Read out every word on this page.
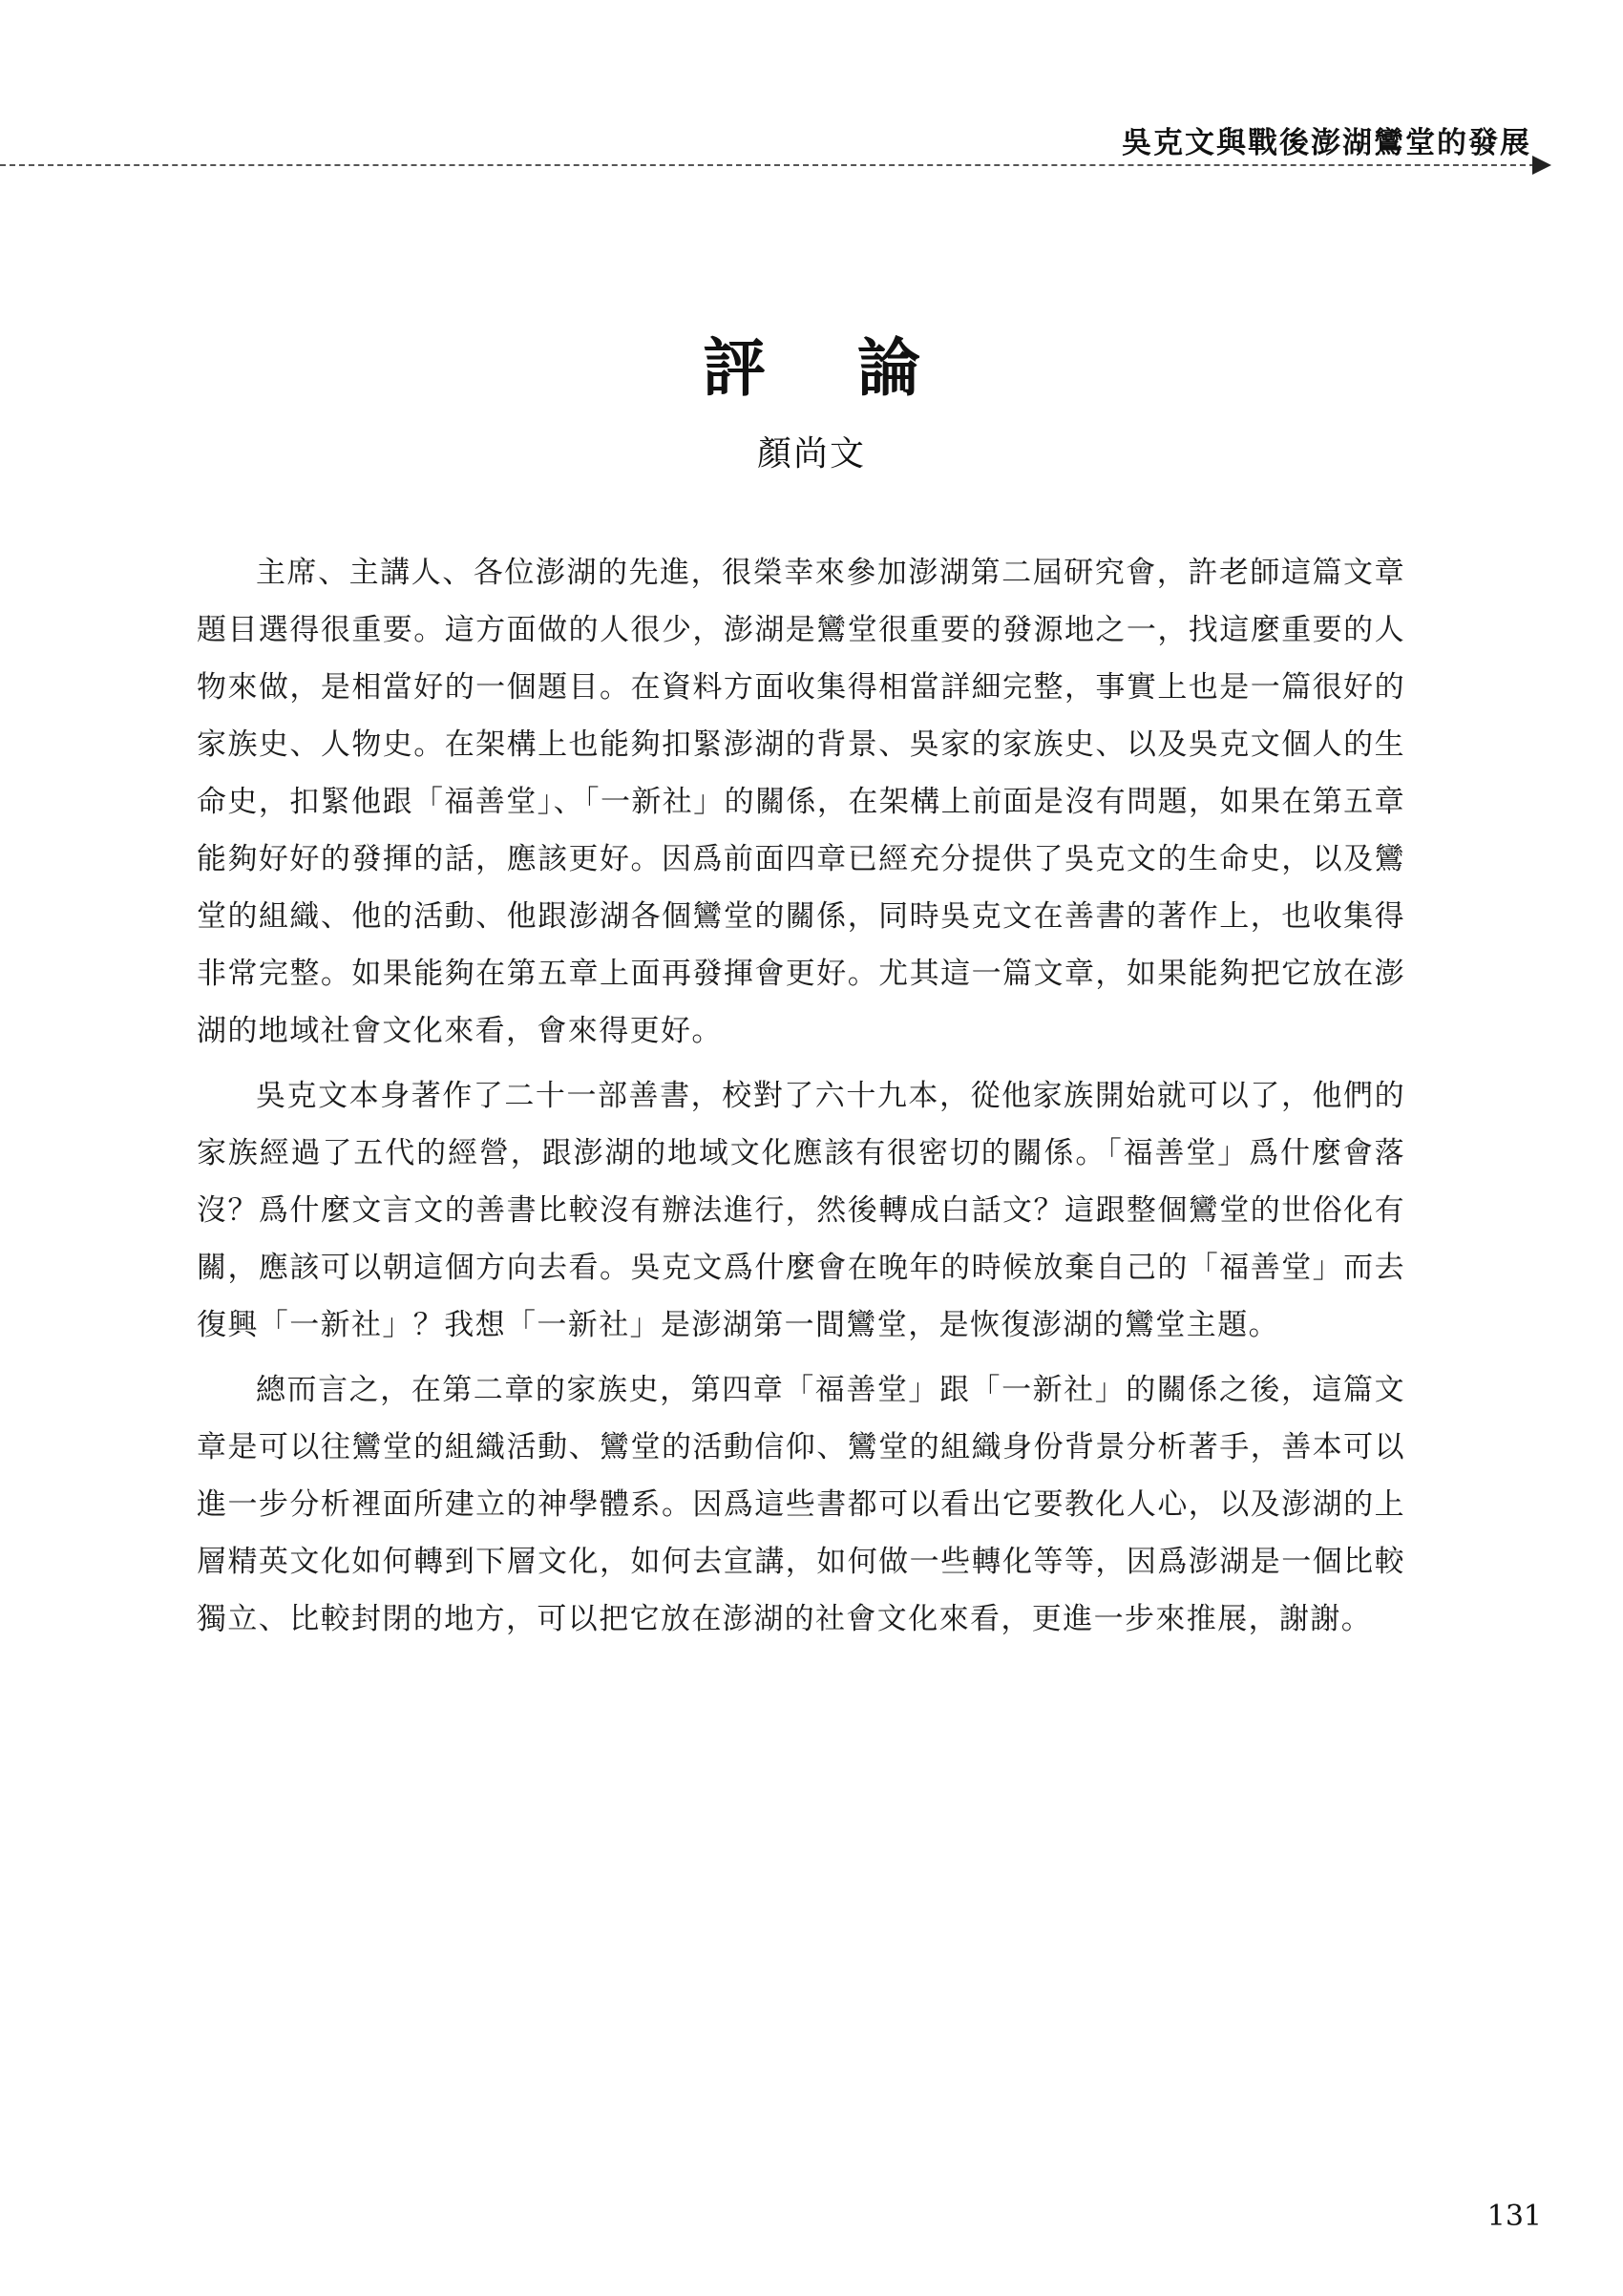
吳克文與戰後澎湖鸞堂的發展
評 論
顏尚文

主席、主講人、各位澎湖的先進，很榮幸來參加澎湖第二屆研究會，許老師這篇文章題目選得很重要。這方面做的人很少，澎湖是鸞堂很重要的發源地之一，找這麼重要的人物來做，是相當好的一個題目。在資料方面收集得相當詳細完整，事實上也是一篇很好的家族史、人物史。在架構上也能夠扣緊澎湖的背景、吳家的家族史、以及吳克文個人的生命史，扣緊他跟「福善堂」、「一新社」的關係，在架構上前面是沒有問題，如果在第五章能夠好好的發揮的話，應該更好。因爲前面四章已經充分提供了吳克文的生命史，以及鸞堂的組織、他的活動、他跟澎湖各個鸞堂的關係，同時吳克文在善書的著作上，也收集得非常完整。如果能夠在第五章上面再發揮會更好。尤其這一篇文章，如果能夠把它放在澎湖的地域社會文化來看，會來得更好。

吳克文本身著作了二十一部善書，校對了六十九本，從他家族開始就可以了，他們的家族經過了五代的經營，跟澎湖的地域文化應該有很密切的關係。「福善堂」爲什麼會落沒？爲什麼文言文的善書比較沒有辦法進行，然後轉成白話文？這跟整個鸞堂的世俗化有關，應該可以朝這個方向去看。吳克文爲什麼會在晚年的時候放棄自己的「福善堂」而去復興「一新社」？我想「一新社」是澎湖第一間鸞堂，是恢復澎湖的鸞堂主題。

總而言之，在第二章的家族史，第四章「福善堂」跟「一新社」的關係之後，這篇文章是可以往鸞堂的組織活動、鸞堂的活動信仰、鸞堂的組織身份背景分析著手，善本可以進一步分析裡面所建立的神學體系。因爲這些書都可以看出它要教化人心，以及澎湖的上層精英文化如何轉到下層文化，如何去宣講，如何做一些轉化等等，因爲澎湖是一個比較獨立、比較封閉的地方，可以把它放在澎湖的社會文化來看，更進一步來推展，謝謝。

131
